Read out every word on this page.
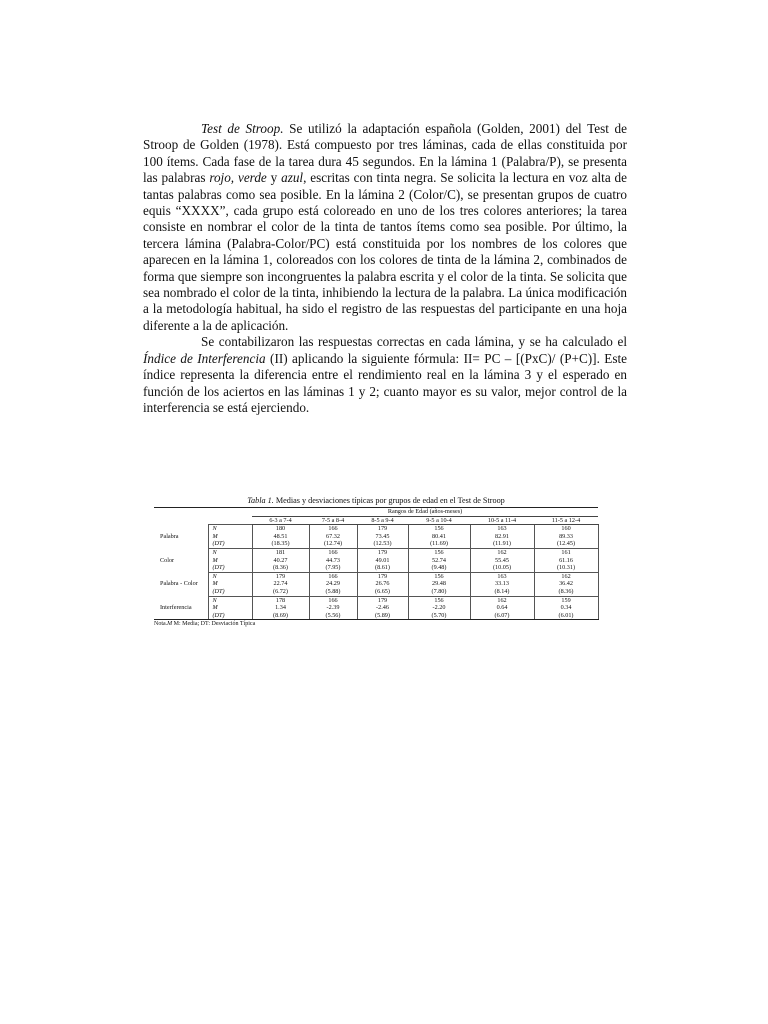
Test de Stroop. Se utilizó la adaptación española (Golden, 2001) del Test de Stroop de Golden (1978). Está compuesto por tres láminas, cada de ellas constituida por 100 ítems. Cada fase de la tarea dura 45 segundos. En la lámina 1 (Palabra/P), se presenta las palabras rojo, verde y azul, escritas con tinta negra. Se solicita la lectura en voz alta de tantas palabras como sea posible. En la lámina 2 (Color/C), se presentan grupos de cuatro equis “XXXX”, cada grupo está coloreado en uno de los tres colores anteriores; la tarea consiste en nombrar el color de la tinta de tantos ítems como sea posible. Por último, la tercera lámina (Palabra-Color/PC) está constituida por los nombres de los colores que aparecen en la lámina 1, coloreados con los colores de tinta de la lámina 2, combinados de forma que siempre son incongruentes la palabra escrita y el color de la tinta. Se solicita que sea nombrado el color de la tinta, inhibiendo la lectura de la palabra. La única modificación a la metodología habitual, ha sido el registro de las respuestas del participante en una hoja diferente a la de aplicación.

Se contabilizaron las respuestas correctas en cada lámina, y se ha calculado el Índice de Interferencia (II) aplicando la siguiente fórmula: II= PC – [(PxC)/ (P+C)]. Este índice representa la diferencia entre el rendimiento real en la lámina 3 y el esperado en función de los aciertos en las láminas 1 y 2; cuanto mayor es su valor, mejor control de la interferencia se está ejerciendo.

Tabla 1. Medias y desviaciones típicas por grupos de edad en el Test de Stroop
		Rangos de Edad (años-meses)					
		6-3 a 7-4	7-5 a 8-4	8-5 a 9-4	9-5 a 10-4	10-5 a 11-4	11-5 a 12-4
	N	180	166	179	156	163	160
Palabra	M	48.51	67.32	73.45	80.41	82.91	89.33
	(DT)	(18.35)	(12.74)	(12.53)	(11.69)	(11.91)	(12.45)
	N	181	166	179	156	162	161
Color	M	40.27	44.73	49.01	52.74	55.45	61.16
	(DT)	(8.36)	(7.95)	(8.61)	(9.48)	(10.05)	(10.31)
	N	179	166	179	156	163	162
Palabra - Color	M	22.74	24.29	26.76	29.48	33.13	36.42
	(DT)	(6.72)	(5.88)	(6.65)	(7.80)	(8.14)	(8.36)
	N	178	166	179	156	162	159
Interferencia	M	1.34	-2.39	-2.46	-2.20	0.64	0.34
	(DT)	(8.69)	(5.56)	(5.89)	(5.70)	(6.07)	(6.01)
Nota.M M: Media; DT: Desviación Típica
